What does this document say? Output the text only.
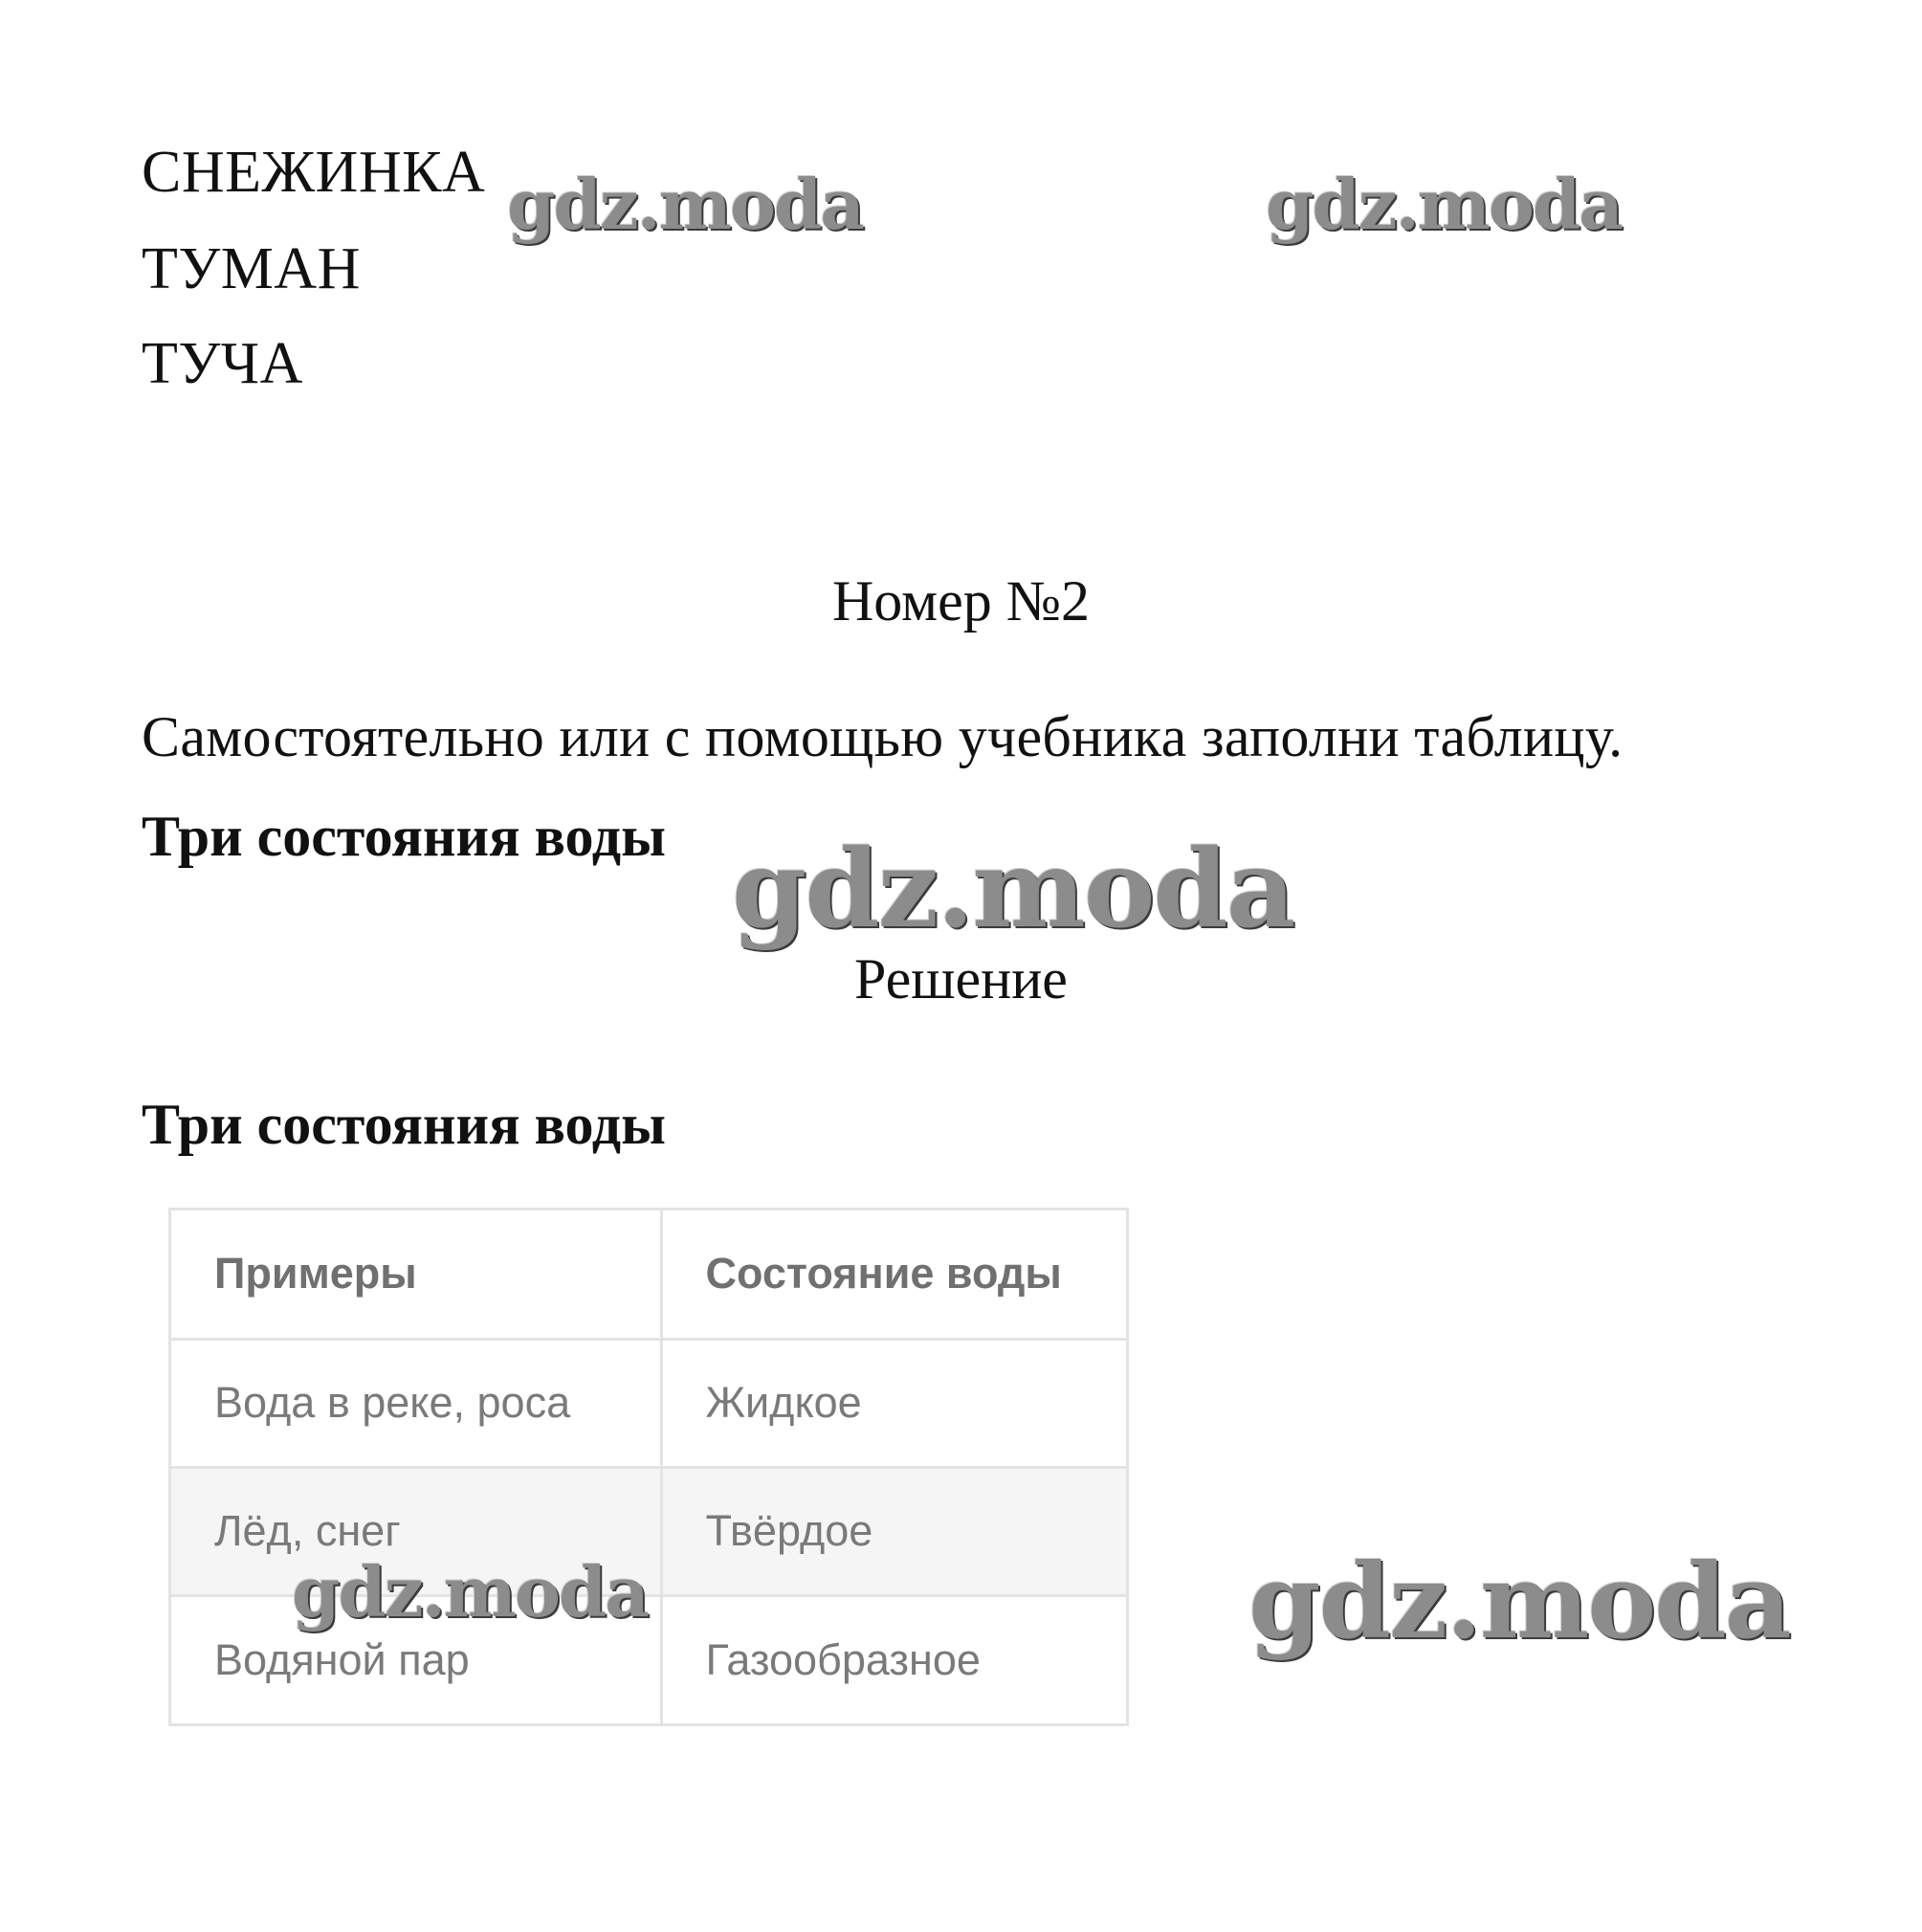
СНЕЖИНКА
ТУМАН
ТУЧА
Номер №2
Самостоятельно или с помощью учебника заполни таблицу.
Три состояния воды
Решение
Три состояния воды
Примеры	Состояние воды
Вода в реке, роса	Жидкое
Лёд, снег	Твёрдое
Водяной пар	Газообразное
gdz.moda	gdz.moda
gdz.moda
gdz.moda	gdz.moda
